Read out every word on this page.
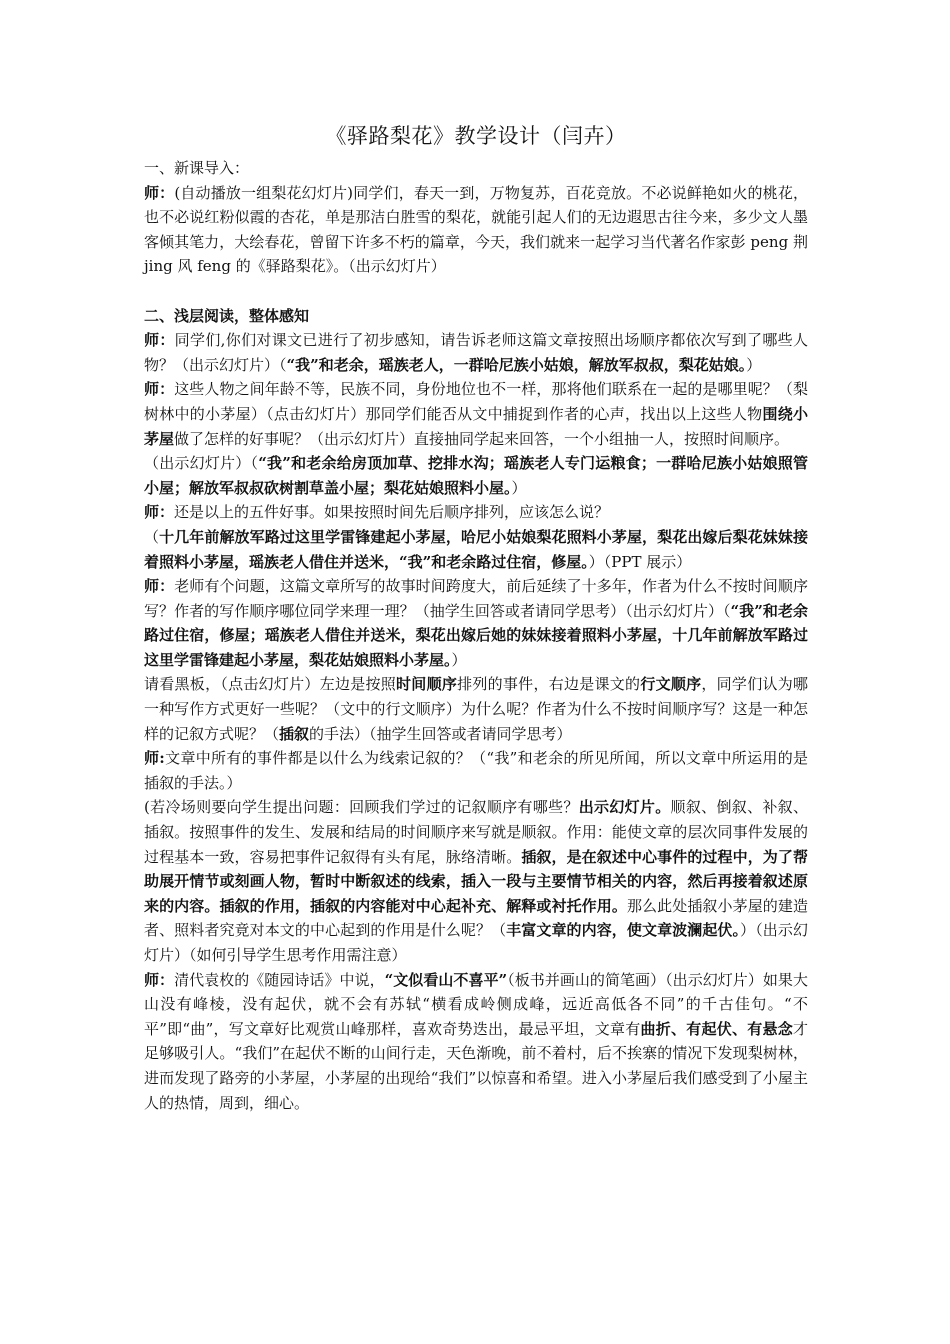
《驿路梨花》教学设计（闫卉）
一、新课导入：
师：(自动播放一组梨花幻灯片)同学们，春天一到，万物复苏，百花竞放。不必说鲜艳如火的桃花，也不必说红粉似霞的杏花，单是那洁白胜雪的梨花，就能引起人们的无边遐思古往今来，多少文人墨客倾其笔力，大绘春花，曾留下许多不朽的篇章，今天，我们就来一起学习当代著名作家彭 peng 荆 jing 风 feng 的《驿路梨花》。（出示幻灯片）
二、浅层阅读，整体感知
师：同学们,你们对课文已进行了初步感知，请告诉老师这篇文章按照出场顺序都依次写到了哪些人物？（出示幻灯片）（“我”和老余，瑶族老人，一群哈尼族小姑娘，解放军叔叔，梨花姑娘。）
师：这些人物之间年龄不等，民族不同，身份地位也不一样，那将他们联系在一起的是哪里呢？（梨树林中的小茅屋）（点击幻灯片）那同学们能否从文中捕捉到作者的心声，找出以上这些人物围绕小茅屋做了怎样的好事呢？（出示幻灯片）直接抽同学起来回答，一个小组抽一人，按照时间顺序。
（出示幻灯片）（“我”和老余给房顶加草、挖排水沟；瑶族老人专门运粮食；一群哈尼族小姑娘照管小屋；解放军叔叔砍树割草盖小屋；梨花姑娘照料小屋。）
师：还是以上的五件好事。如果按照时间先后顺序排列，应该怎么说？
（十几年前解放军路过这里学雷锋建起小茅屋，哈尼小姑娘梨花照料小茅屋，梨花出嫁后梨花妹妹接着照料小茅屋，瑶族老人借住并送米，“我”和老余路过住宿，修屋。）（PPT 展示）
师：老师有个问题，这篇文章所写的故事时间跨度大，前后延续了十多年，作者为什么不按时间顺序写？作者的写作顺序哪位同学来理一理？（抽学生回答或者请同学思考）（出示幻灯片）（“我”和老余路过住宿，修屋；瑶族老人借住并送米，梨花出嫁后她的妹妹接着照料小茅屋，十几年前解放军路过这里学雷锋建起小茅屋，梨花姑娘照料小茅屋。）
请看黑板，（点击幻灯片）左边是按照时间顺序排列的事件，右边是课文的行文顺序，同学们认为哪一种写作方式更好一些呢？（文中的行文顺序）为什么呢？作者为什么不按时间顺序写？这是一种怎样的记叙方式呢？（插叙的手法）（抽学生回答或者请同学思考）
师:文章中所有的事件都是以什么为线索记叙的？（“我”和老余的所见所闻，所以文章中所运用的是插叙的手法。）
(若冷场则要向学生提出问题：回顾我们学过的记叙顺序有哪些？出示幻灯片。顺叙、倒叙、补叙、插叙。按照事件的发生、发展和结局的时间顺序来写就是顺叙。作用：能使文章的层次同事件发展的过程基本一致，容易把事件记叙得有头有尾，脉络清晰。插叙，是在叙述中心事件的过程中，为了帮助展开情节或刻画人物，暂时中断叙述的线索，插入一段与主要情节相关的内容，然后再接着叙述原来的内容。插叙的作用，插叙的内容能对中心起补充、解释或衬托作用。那么此处插叙小茅屋的建造者、照料者究竟对本文的中心起到的作用是什么呢？（丰富文章的内容，使文章波澜起伏。）（出示幻灯片）（如何引导学生思考作用需注意）
师：清代袁枚的《随园诗话》中说，“文似看山不喜平”（板书并画山的简笔画）（出示幻灯片）如果大山没有峰棱，没有起伏，就不会有苏轼“横看成岭侧成峰，远近高低各不同”的千古佳句。“不平”即“曲”，写文章好比观赏山峰那样，喜欢奇势迭出，最忌平坦，文章有曲折、有起伏、有悬念才足够吸引人。“我们”在起伏不断的山间行走，天色渐晚，前不着村，后不挨寨的情况下发现梨树林，进而发现了路旁的小茅屋，小茅屋的出现给“我们”以惊喜和希望。进入小茅屋后我们感受到了小屋主人的热情，周到，细心。
